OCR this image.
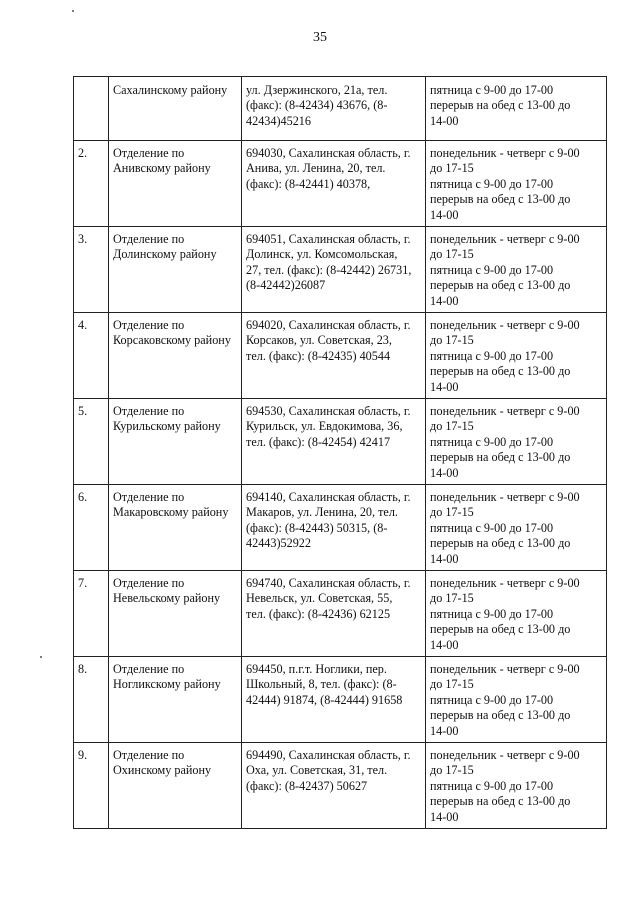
35

	Сахалинскому району	ул. Дзержинского, 21а, тел.
(факс): (8-42434) 43676, (8-
42434)45216	пятница с 9-00 до 17-00
перерыв на обед с 13-00 до
14-00

2.	Отделение по
Анивскому району	694030, Сахалинская область, г.
Анива, ул. Ленина, 20, тел.
(факс): (8-42441) 40378,	понедельник - четверг с 9-00
до 17-15
пятница с 9-00 до 17-00
перерыв на обед с 13-00 до
14-00

3.	Отделение по
Долинскому району	694051, Сахалинская область, г.
Долинск, ул. Комсомольская,
27, тел. (факс): (8-42442) 26731,
(8-42442)26087	понедельник - четверг с 9-00
до 17-15
пятница с 9-00 до 17-00
перерыв на обед с 13-00 до
14-00

4.	Отделение по
Корсаковскому району	694020, Сахалинская область, г.
Корсаков, ул. Советская, 23,
тел. (факс): (8-42435) 40544	понедельник - четверг с 9-00
до 17-15
пятница с 9-00 до 17-00
перерыв на обед с 13-00 до
14-00

5.	Отделение по
Курильскому району	694530, Сахалинская область, г.
Курильск, ул. Евдокимова, 36,
тел. (факс): (8-42454) 42417	понедельник - четверг с 9-00
до 17-15
пятница с 9-00 до 17-00
перерыв на обед с 13-00 до
14-00

6.	Отделение по
Макаровскому району	694140, Сахалинская область, г.
Макаров, ул. Ленина, 20, тел.
(факс): (8-42443) 50315, (8-
42443)52922	понедельник - четверг с 9-00
до 17-15
пятница с 9-00 до 17-00
перерыв на обед с 13-00 до
14-00

7.	Отделение по
Невельскому району	694740, Сахалинская область, г.
Невельск, ул. Советская, 55,
тел. (факс): (8-42436) 62125	понедельник - четверг с 9-00
до 17-15
пятница с 9-00 до 17-00
перерыв на обед с 13-00 до
14-00

8.	Отделение по
Ногликскому району	694450, п.г.т. Ноглики, пер.
Школьный, 8, тел. (факс): (8-
42444) 91874, (8-42444) 91658	понедельник - четверг с 9-00
до 17-15
пятница с 9-00 до 17-00
перерыв на обед с 13-00 до
14-00

9.	Отделение по
Охинскому району	694490, Сахалинская область, г.
Оха, ул. Советская, 31, тел.
(факс): (8-42437) 50627	понедельник - четверг с 9-00
до 17-15
пятница с 9-00 до 17-00
перерыв на обед с 13-00 до
14-00
